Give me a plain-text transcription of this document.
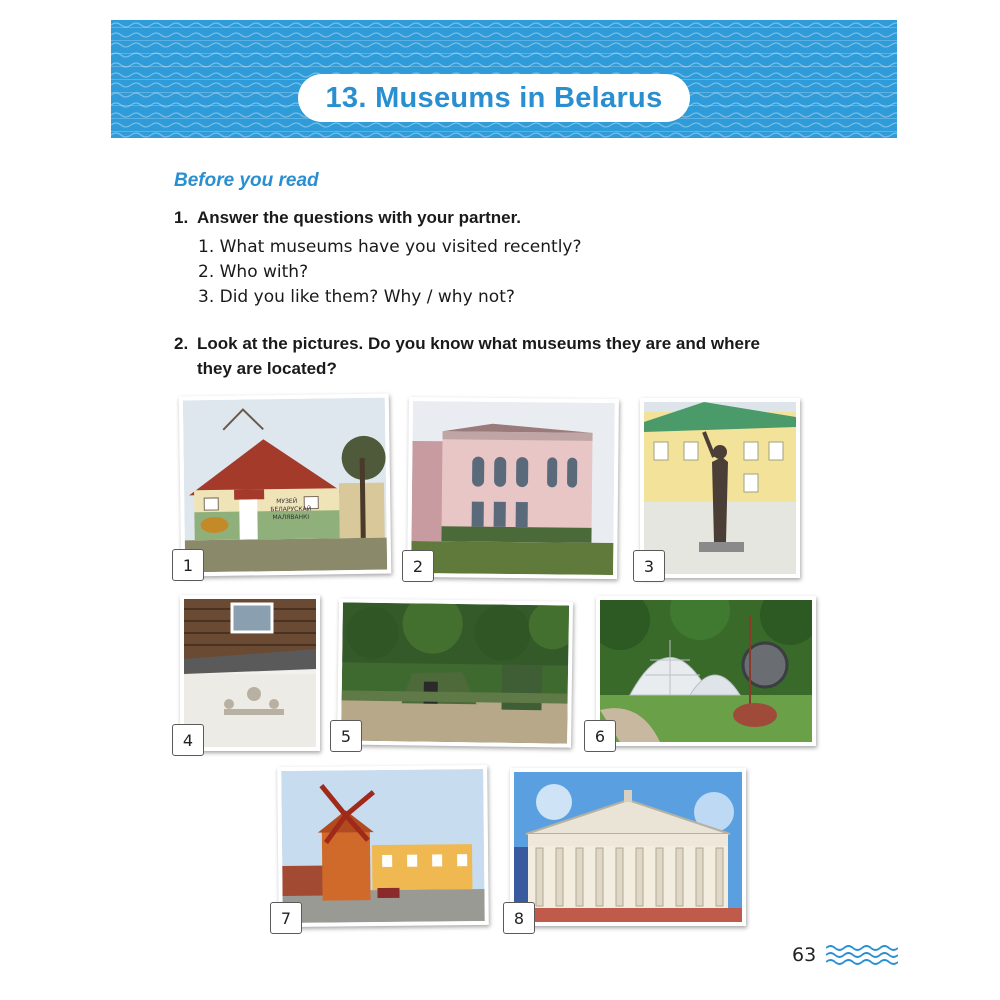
13. Museums in Belarus
Before you read
1. Answer the questions with your partner.
1. What museums have you visited recently?
2. Who with?
3. Did you like them? Why / why not?
2. Look at the pictures. Do you know what museums they are and where
they are located?
МУЗЕЙ
БЕЛАРУСКАЙ
МАЛЯВАНКІ
1	2	3
4	5	6
7	8
63
